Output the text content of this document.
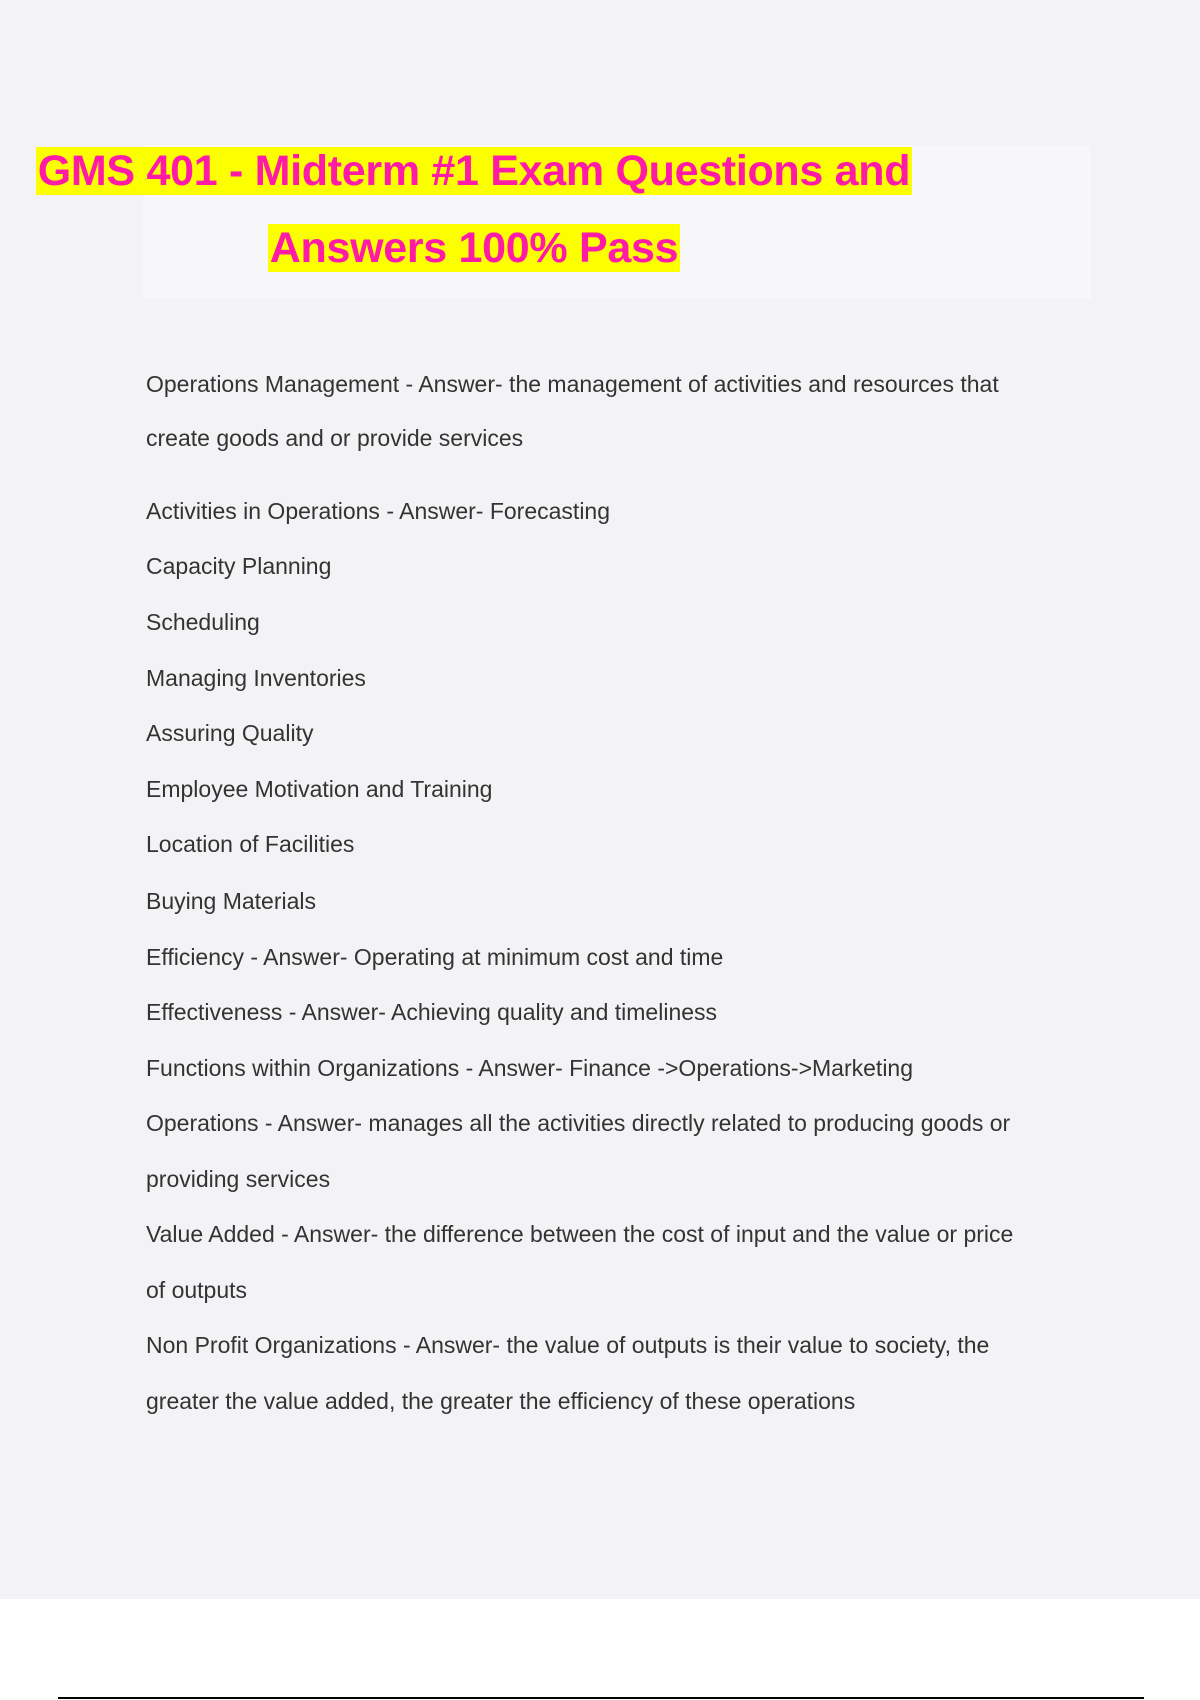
GMS 401 - Midterm #1 Exam Questions and
Answers 100% Pass
Operations Management - Answer- the management of activities and resources that
create goods and or provide services
Activities in Operations - Answer- Forecasting
Capacity Planning
Scheduling
Managing Inventories
Assuring Quality
Employee Motivation and Training
Location of Facilities
Buying Materials
Efficiency - Answer- Operating at minimum cost and time
Effectiveness - Answer- Achieving quality and timeliness
Functions within Organizations - Answer- Finance ->Operations->Marketing
Operations - Answer- manages all the activities directly related to producing goods or
providing services
Value Added - Answer- the difference between the cost of input and the value or price
of outputs
Non Profit Organizations - Answer- the value of outputs is their value to society, the
greater the value added, the greater the efficiency of these operations
